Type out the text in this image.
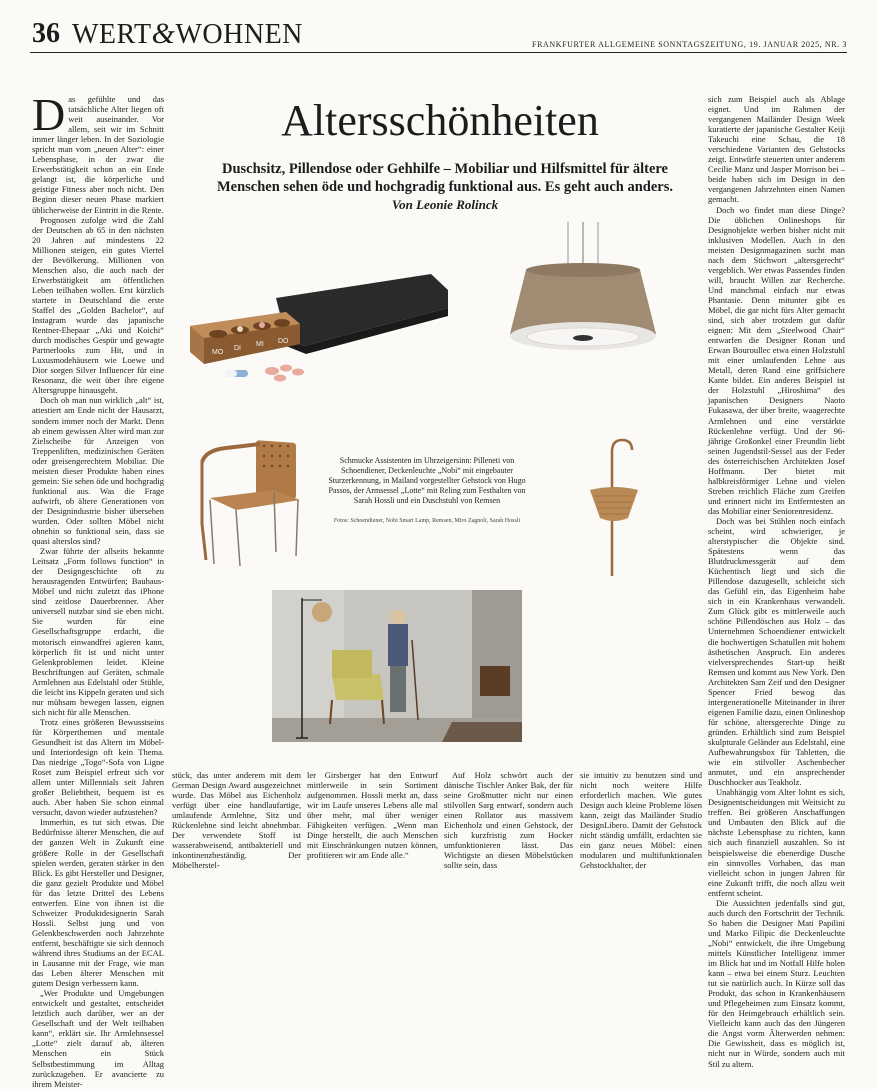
36 WERT&WOHNEN	FRANKFURTER ALLGEMEINE SONNTAGSZEITUNG, 19. JANUAR 2025, NR. 3
Altersschönheiten
Duschsitz, Pillendose oder Gehhilfe – Mobiliar und Hilfsmittel für ältere Menschen sehen öde und hochgradig funktional aus. Es geht auch anders.
Von Leonie Rolinck

Das gefühlte und das tatsächliche Alter liegen oft weit auseinander. Vor allem, seit wir im Schnitt immer länger leben. In der Soziologie spricht man vom „neuen Alter“: einer Lebensphase, in der zwar die Erwerbstätigkeit schon an ein Ende gelangt ist, die körperliche und geistige Fitness aber noch nicht. Den Beginn dieser neuen Phase markiert üblicherweise der Eintritt in die Rente.

Prognosen zufolge wird die Zahl der Deutschen ab 65 in den nächsten 20 Jahren auf mindestens 22 Millionen steigen, ein gutes Viertel der Bevölkerung. Millionen von Menschen also, die auch nach der Erwerbstätigkeit am öffentlichen Leben teilhaben wollen. Erst kürzlich startete in Deutschland die erste Staffel des „Golden Bachelor“, auf Instagram wurde das japanische Rentner-Ehepaar „Aki und Koichi“ durch modisches Gespür und gewagte Partnerlooks zum Hit, und in Luxusmodehäusern wie Loewe und Dior sorgen Silver Influencer für eine Resonanz, die weit über ihre eigene Altersgruppe hinausgeht.

Doch ob man nun wirklich „alt“ ist, attestiert am Ende nicht der Hausarzt, sondern immer noch der Markt. Denn ab einem gewissen Alter wird man zur Zielscheibe für Anzeigen von Treppenliften, medizinischen Geräten oder greisengerechtem Mobiliar. Die meisten dieser Produkte haben eines gemein: Sie sehen öde und hochgradig funktional aus. Was die Frage aufwirft, ob ältere Generationen von der Designindustrie bisher übersehen wurden. Oder sollten Möbel nicht ohnehin so funktional sein, dass sie quasi alterslos sind?

Zwar führte der allseits bekannte Leitsatz „Form follows function“ in der Designgeschichte oft zu herausragenden Entwürfen; Bauhaus-Möbel und nicht zuletzt das iPhone sind zeitlose Dauerbrenner. Aber universell nutzbar sind sie eben nicht. Sie wurden für eine Gesellschaftsgruppe erdacht, die motorisch einwandfrei agieren kann, körperlich fit ist und nicht unter Gelenkproblemen leidet. Kleine Beschriftungen auf Geräten, schmale Armlehnen aus Edelstahl oder Stühle, die leicht ins Kippeln geraten und sich nur mühsam bewegen lassen, eignen sich nicht für alle Menschen.

Trotz eines größeren Bewusstseins für Körperthemen und mentale Gesundheit ist das Altern im Möbel- und Interiordesign oft kein Thema. Das niedrige „Togo“-Sofa von Ligne Roset zum Beispiel erfreut sich vor allem unter Millennials seit Jahren großer Beliebtheit, bequem ist es auch. Aber haben Sie schon einmal versucht, davon wieder aufzustehen?

Immerhin, es tut sich etwas. Die Bedürfnisse älterer Menschen, die auf der ganzen Welt in Zukunft eine größere Rolle in der Gesellschaft spielen werden, geraten stärker in den Blick. Es gibt Hersteller und Designer, die ganz gezielt Produkte und Möbel für das letzte Drittel des Lebens entwerfen. Eine von ihnen ist die Schweizer Produktdesignerin Sarah Hossli. Selbst jung und von Gelenkbeschwerden noch Jahrzehnte entfernt, beschäftigte sie sich dennoch während ihres Studiums an der ECAL in Lausanne mit der Frage, wie man das Leben älterer Menschen mit gutem Design verbessern kann.

„Wer Produkte und Umgebungen entwickelt und gestaltet, entscheidet letztlich auch darüber, wer an der Gesellschaft und der Welt teilhaben kann“, erklärt sie. Ihr Armlehnsessel „Lotte“ zielt darauf ab, älteren Menschen ein Stück Selbstbestimmung im Alltag zurückzugeben. Er avancierte zu ihrem Meister-

sich zum Beispiel auch als Ablage eignet. Und im Rahmen der vergangenen Mailänder Design Week kuratierte der japanische Gestalter Keiji Takeuchi eine Schau, die 18 verschiedene Varianten des Gehstocks zeigt. Entwürfe steuerten unter anderem Cecilie Manz und Jasper Morrison bei – beide haben sich im Design in den vergangenen Jahrzehnten einen Namen gemacht.

Doch wo findet man diese Dinge? Die üblichen Onlineshops für Designobjekte werben bisher nicht mit inklusiven Modellen. Auch in den meisten Designmagazinen sucht man nach dem Stichwort „altersgerecht“ vergeblich. Wer etwas Passendes finden will, braucht Willen zur Recherche. Und manchmal einfach nur etwas Phantasie. Denn mitunter gibt es Möbel, die gar nicht fürs Alter gemacht sind, sich aber trotzdem gut dafür eignen: Mit dem „Steelwood Chair“ entwarfen die Designer Ronan und Erwan Bouroullec etwa einen Holzstuhl mit einer umlaufenden Lehne aus Metall, deren Rand eine griffsichere Kante bildet. Ein anderes Beispiel ist der Holzstuhl „Hiroshima“ des japanischen Designers Naoto Fukasawa, der über breite, waagerechte Armlehnen und eine verstärkte Rückenlehne verfügt. Und der 96-jährige Großonkel einer Freundin liebt seinen Jugendstil-Sessel aus der Feder des österreichischen Architekten Josef Hoffmann. Der bietet mit halbkreisförmiger Lehne und vielen Streben reichlich Fläche zum Greifen und erinnert nicht im Entferntesten an das Mobiliar einer Seniorenresidenz.

Doch was bei Stühlen noch einfach scheint, wird schwieriger, je alterstypischer die Objekte sind. Spätestens wenn das Blutdruckmessgerät auf dem Küchentisch liegt und sich die Pillendose dazugesellt, schleicht sich das Gefühl ein, das Eigenheim habe sich in ein Krankenhaus verwandelt. Zum Glück gibt es mittlerweile auch schöne Pillendöschen aus Holz – das Unternehmen Schoendiener entwickelt die hochwertigen Schatullen mit hohem ästhetischen Anspruch. Ein anderes vielversprechendes Start-up heißt Remsen und kommt aus New York. Den Architekten Sam Zeif und den Designer Spencer Fried bewog das intergenerationelle Miteinander in ihrer eigenen Familie dazu, einen Onlineshop für schöne, altersgerechte Dinge zu gründen. Erhältlich sind zum Beispiel skulpturale Geländer aus Edelstahl, eine Aufbewahrungsbox für Tabletten, die wie ein stilvoller Aschenbecher anmutet, und ein ansprechender Duschhocker aus Teakholz.

Unabhängig vom Alter lohnt es sich, Designentscheidungen mit Weitsicht zu treffen. Bei größeren Anschaffungen und Umbauten den Blick auf die nächste Lebensphase zu richten, kann sich auch finanziell auszahlen. So ist beispielsweise die ebenerdige Dusche ein sinnvolles Vorhaben, das man vielleicht schon in jungen Jahren für eine Zukunft trifft, die noch allzu weit entfernt scheint.

Die Aussichten jedenfalls sind gut, auch durch den Fortschritt der Technik. So haben die Designer Mati Papilini und Marko Filipic die Deckenleuchte „Nobi“ entwickelt, die ihre Umgebung mittels Künstlicher Intelligenz immer im Blick hat und im Notfall Hilfe holen kann – etwa bei einem Sturz. Leuchten tut sie natürlich auch. In Kürze soll das Produkt, das schon in Krankenhäusern und Pflegeheimen zum Einsatz kommt, für den Heimgebrauch erhältlich sein. Vielleicht kann auch das den Jüngeren die Angst vorm Älterwerden nehmen: Die Gewissheit, dass es möglich ist, nicht nur in Würde, sondern auch mit Stil zu altern.

stück, das unter anderem mit dem German Design Award ausgezeichnet wurde. Das Möbel aus Eichenholz verfügt über eine handlaufartige, umlaufende Armlehne, Sitz und Rückenlehne sind leicht abnehmbar. Der verwendete Stoff ist wasserabweisend, antibakteriell und inkontinenzbeständig. Der Möbelherstel-

ler Girsberger hat den Entwurf mittlerweile in sein Sortiment aufgenommen. Hossli merkt an, dass wir im Laufe unseres Lebens alle mal über mehr, mal über weniger Fähigkeiten verfügen. „Wenn man Dinge herstellt, die auch Menschen mit Einschränkungen nutzen können, profitieren wir am Ende alle.“

Auf Holz schwört auch der dänische Tischler Anker Bak, der für seine Großmutter nicht nur einen stilvollen Sarg entwarf, sondern auch einen Rollator aus massivem Eichenholz und einen Gehstock, der sich kurzfristig zum Hocker umfunktionieren lässt. Das Wichtigste an diesen Möbelstücken sollte sein, dass

sie intuitiv zu benutzen sind und nicht noch weitere Hilfe erforderlich machen. Wie gutes Design auch kleine Probleme lösen kann, zeigt das Mailänder Studio DesignLibero. Damit der Gehstock nicht ständig umfällt, erdachten sie ein ganz neues Möbel: einen modularen und multifunktionalen Gehstockhalter, der

MO
DI
MI DO
Schmucke Assistenten im Uhrzeigersinn: Pilleneti von Schoendiener, Deckenleuchte „Nobi“ mit eingebauter Sturzerkennung, in Mailand vorgestellter Gehstock von Hugo Passos, der Armsessel „Lotte“ mit Reling zum Festhalten von Sarah Hossli und ein Duschstuhl von Remsen
Fotos: Schoendiener, Nobi Smart Lamp, Remsen, Miro Zagnoli, Sarah Hossli
